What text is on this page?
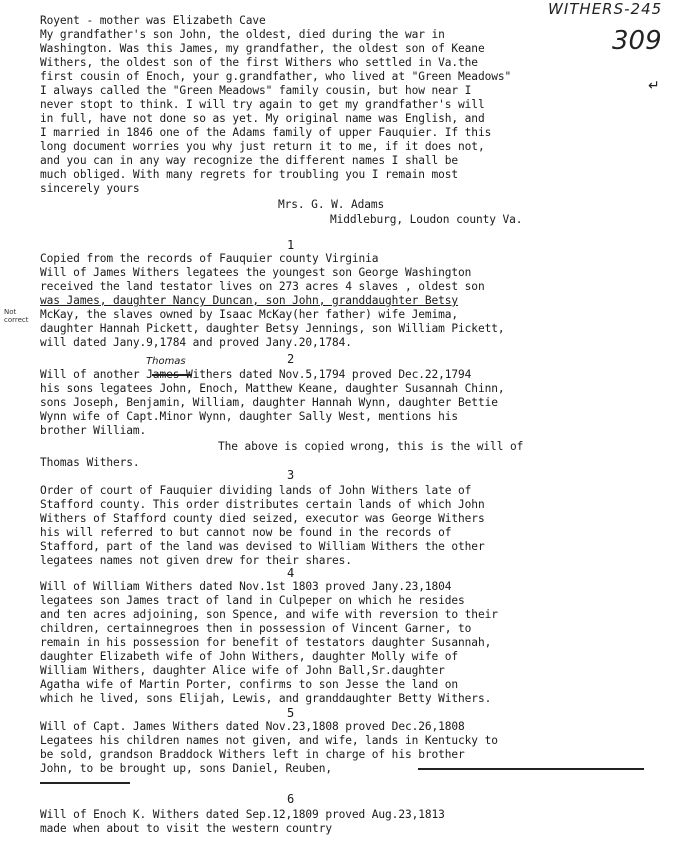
WITHERS-245
309
↵
Royent - mother was Elizabeth Cave
My grandfather's son John, the oldest, died during the war in
Washington. Was this James, my grandfather, the oldest son of Keane
Withers, the oldest son of the first Withers who settled in Va.the
first cousin of Enoch, your g.grandfather, who lived at "Green Meadows"
I always called the "Green Meadows" family cousin, but how near I
never stopt to think. I will try again to get my grandfather's will
in full, have not done so as yet. My original name was English, and
I married in 1846 one of the Adams family of upper Fauquier. If this
long document worries you why just return it to me, if it does not,
and you can in any way recognize the different names I shall be
much obliged. With many regrets for troubling you I remain most
sincerely yours
Mrs. G. W. Adams
Middleburg, Loudon county Va.
1
Copied from the records of Fauquier county Virginia
Will of James Withers legatees the youngest son George Washington
received the land testator lives on 273 acres 4 slaves , oldest son
was James, daughter Nancy Duncan, son John, granddaughter Betsy
McKay, the slaves owned by Isaac McKay(her father) wife Jemima,
daughter Hannah Pickett, daughter Betsy Jennings, son William Pickett,
will dated Jany.9,1784 and proved Jany.20,1784.
Not correct
2
Thomas
Will of another James Withers dated Nov.5,1794 proved Dec.22,1794
his sons legatees John, Enoch, Matthew Keane, daughter Susannah Chinn,
sons Joseph, Benjamin, William, daughter Hannah Wynn, daughter Bettie
Wynn wife of Capt.Minor Wynn, daughter Sally West, mentions his
brother William.
The above is copied wrong, this is the will of
Thomas Withers.
3
Order of court of Fauquier dividing lands of John Withers late of
Stafford county. This order distributes certain lands of which John
Withers of Stafford county died seized, executor was George Withers
his will referred to but cannot now be found in the records of
Stafford, part of the land was devised to William Withers the other
legatees names not given drew for their shares.
4
Will of William Withers dated Nov.1st 1803 proved Jany.23,1804
legatees son James tract of land in Culpeper on which he resides
and ten acres adjoining, son Spence, and wife with reversion to their
children, certainnegroes then in possession of Vincent Garner, to
remain in his possession for benefit of testators daughter Susannah,
daughter Elizabeth wife of John Withers, daughter Molly wife of
William Withers, daughter Alice wife of John Ball,Sr.daughter
Agatha wife of Martin Porter, confirms to son Jesse the land on
which he lived, sons Elijah, Lewis, and granddaughter Betty Withers.
5
Will of Capt. James Withers dated Nov.23,1808 proved Dec.26,1808
Legatees his children names not given, and wife, lands in Kentucky to
be sold, grandson Braddock Withers left in charge of his brother
John, to be brought up, sons Daniel, Reuben,
6
Will of Enoch K. Withers dated Sep.12,1809 proved Aug.23,1813
made when about to visit the western country
